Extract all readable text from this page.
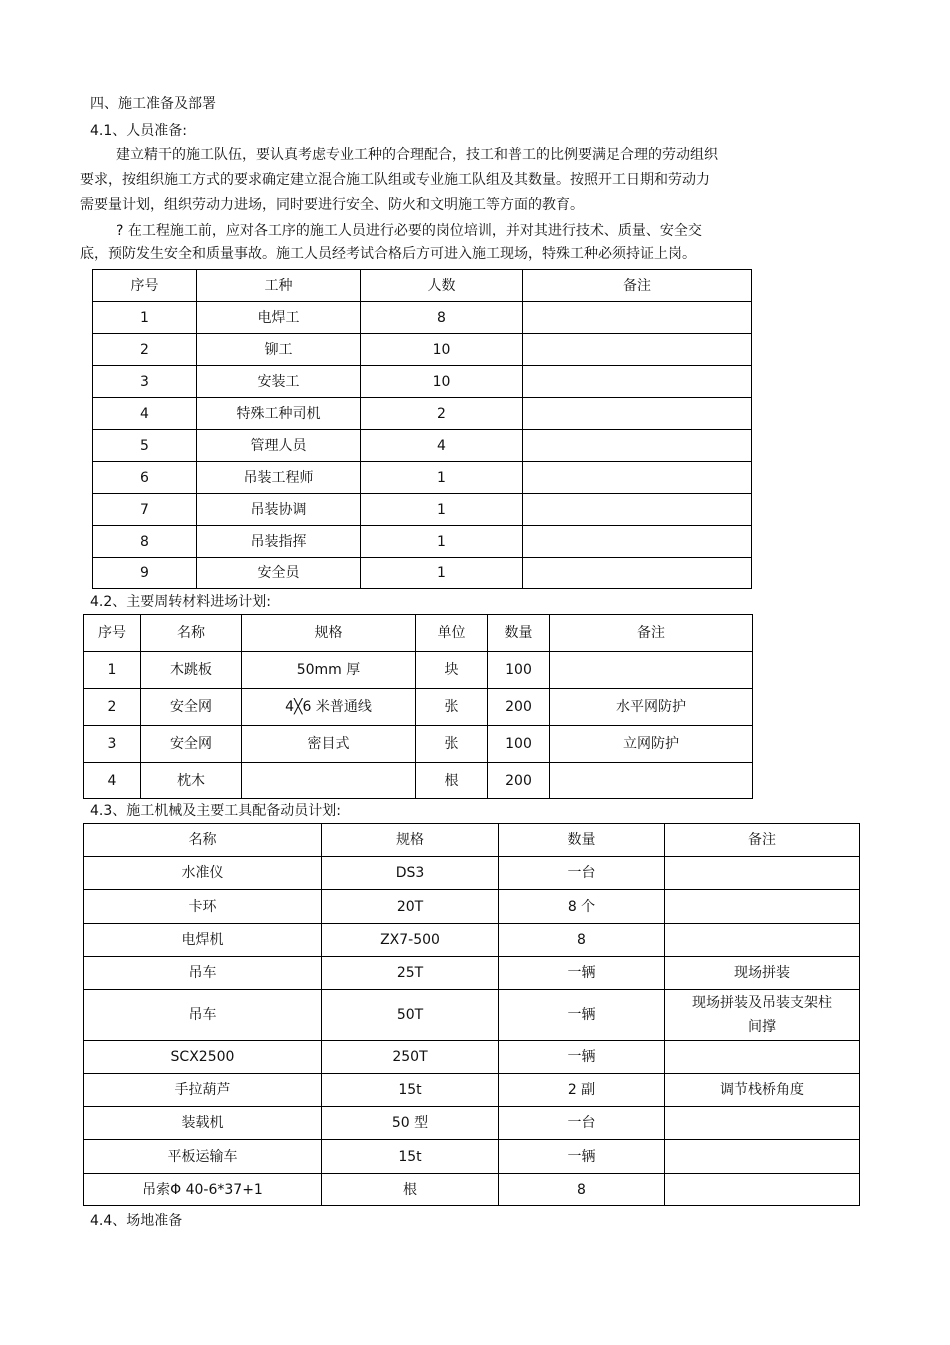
四、施工准备及部署
4.1、人员准备:
建立精干的施工队伍，要认真考虑专业工种的合理配合，技工和普工的比例要满足合理的劳动组织
要求，按组织施工方式的要求确定建立混合施工队组或专业施工队组及其数量。按照开工日期和劳动力
需要量计划，组织劳动力进场，同时要进行安全、防火和文明施工等方面的教育。
? 在工程施工前，应对各工序的施工人员进行必要的岗位培训，并对其进行技术、质量、安全交
底，预防发生安全和质量事故。施工人员经考试合格后方可进入施工现场，特殊工种必须持证上岗。
序号	工种	人数	备注
1	电焊工	8	
2	铆工	10	
3	安装工	10	
4	特殊工种司机	2	
5	管理人员	4	
6	吊装工程师	1	
7	吊装协调	1	
8	吊装指挥	1	
9	安全员	1	
4.2、主要周转材料进场计划:
序号	名称	规格	单位	数量	备注
1	木跳板	50mm 厚	块	100	
2	安全网	4╳6 米普通线	张	200	水平网防护
3	安全网	密目式	张	100	立网防护
4	枕木		根	200	
4.3、施工机械及主要工具配备动员计划:
名称	规格	数量	备注
水准仪	DS3	一台	
卡环	20T	8 个	
电焊机	ZX7-500	8	
吊车	25T	一辆	现场拼装
吊车	50T	一辆	现场拼装及吊装支架柱
间撑
SCX2500	250T	一辆	
手拉葫芦	15t	2 副	调节栈桥角度
装载机	50 型	一台	
平板运输车	15t	一辆	
吊索Φ 40-6*37+1	根	8	
4.4、场地准备
